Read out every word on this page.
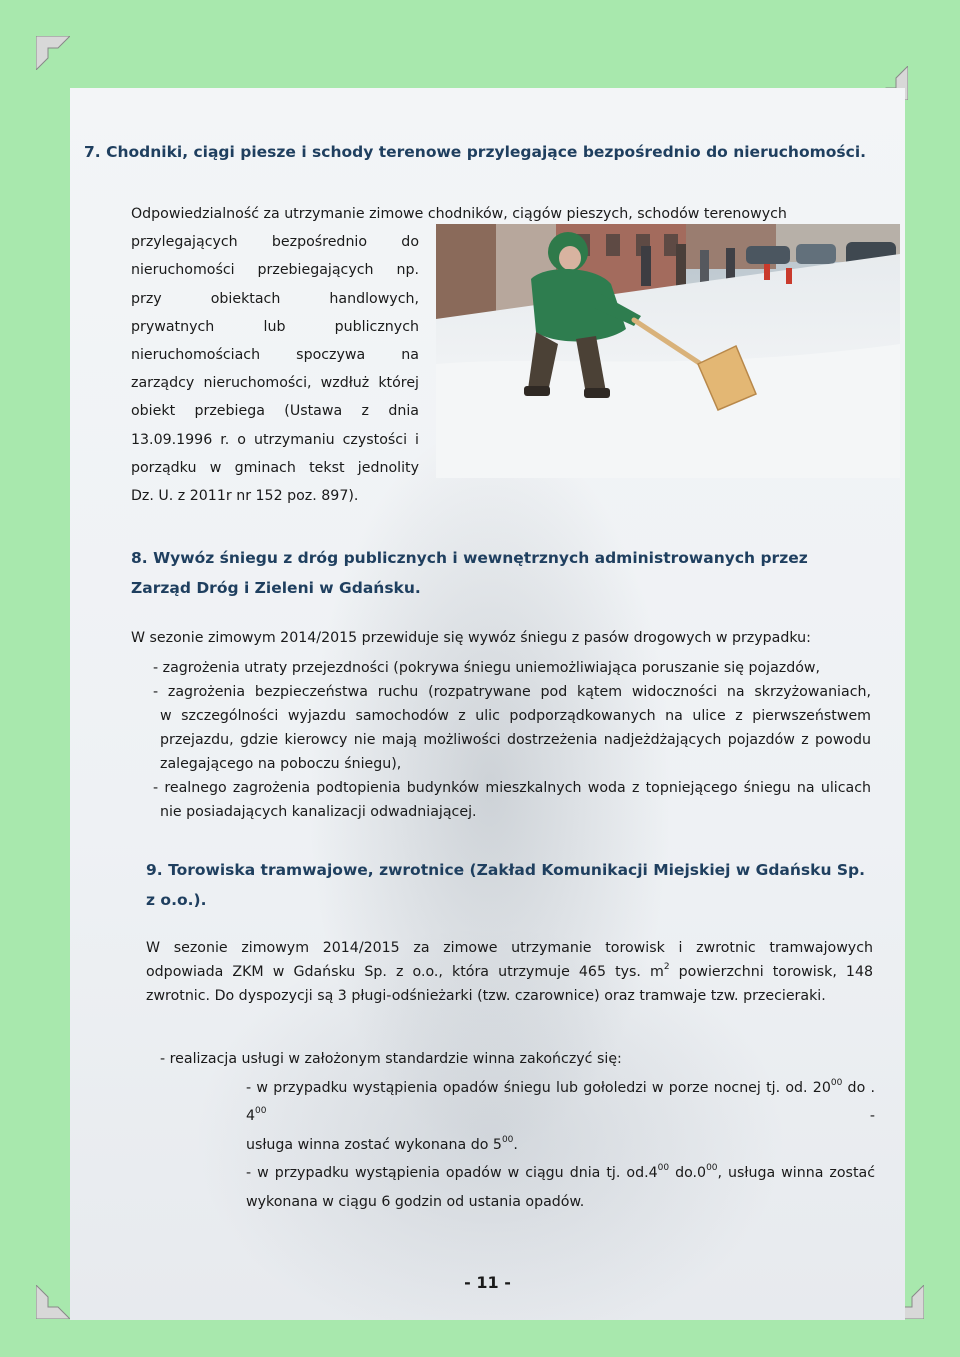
7. Chodniki, ciągi piesze i schody terenowe przylegające bezpośrednio do nieruchomości.

Odpowiedzialność za utrzymanie zimowe chodników, ciągów pieszych, schodów terenowych

przylegających bezpośrednio do
nieruchomości przebiegających np.
przy obiektach handlowych,
prywatnych lub publicznych
nieruchomościach spoczywa na
zarządcy nieruchomości, wzdłuż której
obiekt przebiega (Ustawa z dnia
13.09.1996 r. o utrzymaniu czystości i
porządku w gminach tekst jednolity
Dz. U. z 2011r nr 152 poz. 897).
8. Wywóz śniegu z dróg publicznych i wewnętrznych administrowanych przez Zarząd Dróg i Zieleni w Gdańsku.

W sezonie zimowym 2014/2015 przewiduje się wywóz śniegu z pasów drogowych w przypadku:

- zagrożenia utraty przejezdności (pokrywa śniegu uniemożliwiająca poruszanie się pojazdów,
- zagrożenia bezpieczeństwa ruchu (rozpatrywane pod kątem widoczności na skrzyżowaniach,
w szczególności wyjazdu samochodów z ulic podporządkowanych na ulice z pierwszeństwem
przejazdu, gdzie kierowcy nie mają możliwości dostrzeżenia nadjeżdżających pojazdów z powodu
zalegającego na poboczu śniegu),
- realnego zagrożenia podtopienia budynków mieszkalnych woda z topniejącego śniegu na ulicach
nie posiadających kanalizacji odwadniającej.
9. Torowiska tramwajowe, zwrotnice (Zakład Komunikacji Miejskiej w Gdańsku Sp. z o.o.).
W sezonie zimowym 2014/2015 za zimowe utrzymanie torowisk i zwrotnic tramwajowych
odpowiada ZKM w Gdańsku Sp. z o.o., która utrzymuje 465 tys. $m^2$ powierzchni torowisk, 148
zwrotnic. Do dyspozycji są 3 pługi-odśnieżarki (tzw. czarownice) oraz tramwaje tzw. przecieraki.
- realizacja usługi w założonym standardzie winna zakończyć się:
- w przypadku wystąpienia opadów śniegu lub gołoledzi w porze nocnej tj. od. $20^{00}$ do . $4^{00}$ -
usługa winna zostać wykonana do $5^{00}$.
- w przypadku wystąpienia opadów w ciągu dnia tj. $od.4^{00}$ $do.0^{00}$, usługa winna zostać
wykonana w ciągu 6 godzin od ustania opadów.
- 11 -
